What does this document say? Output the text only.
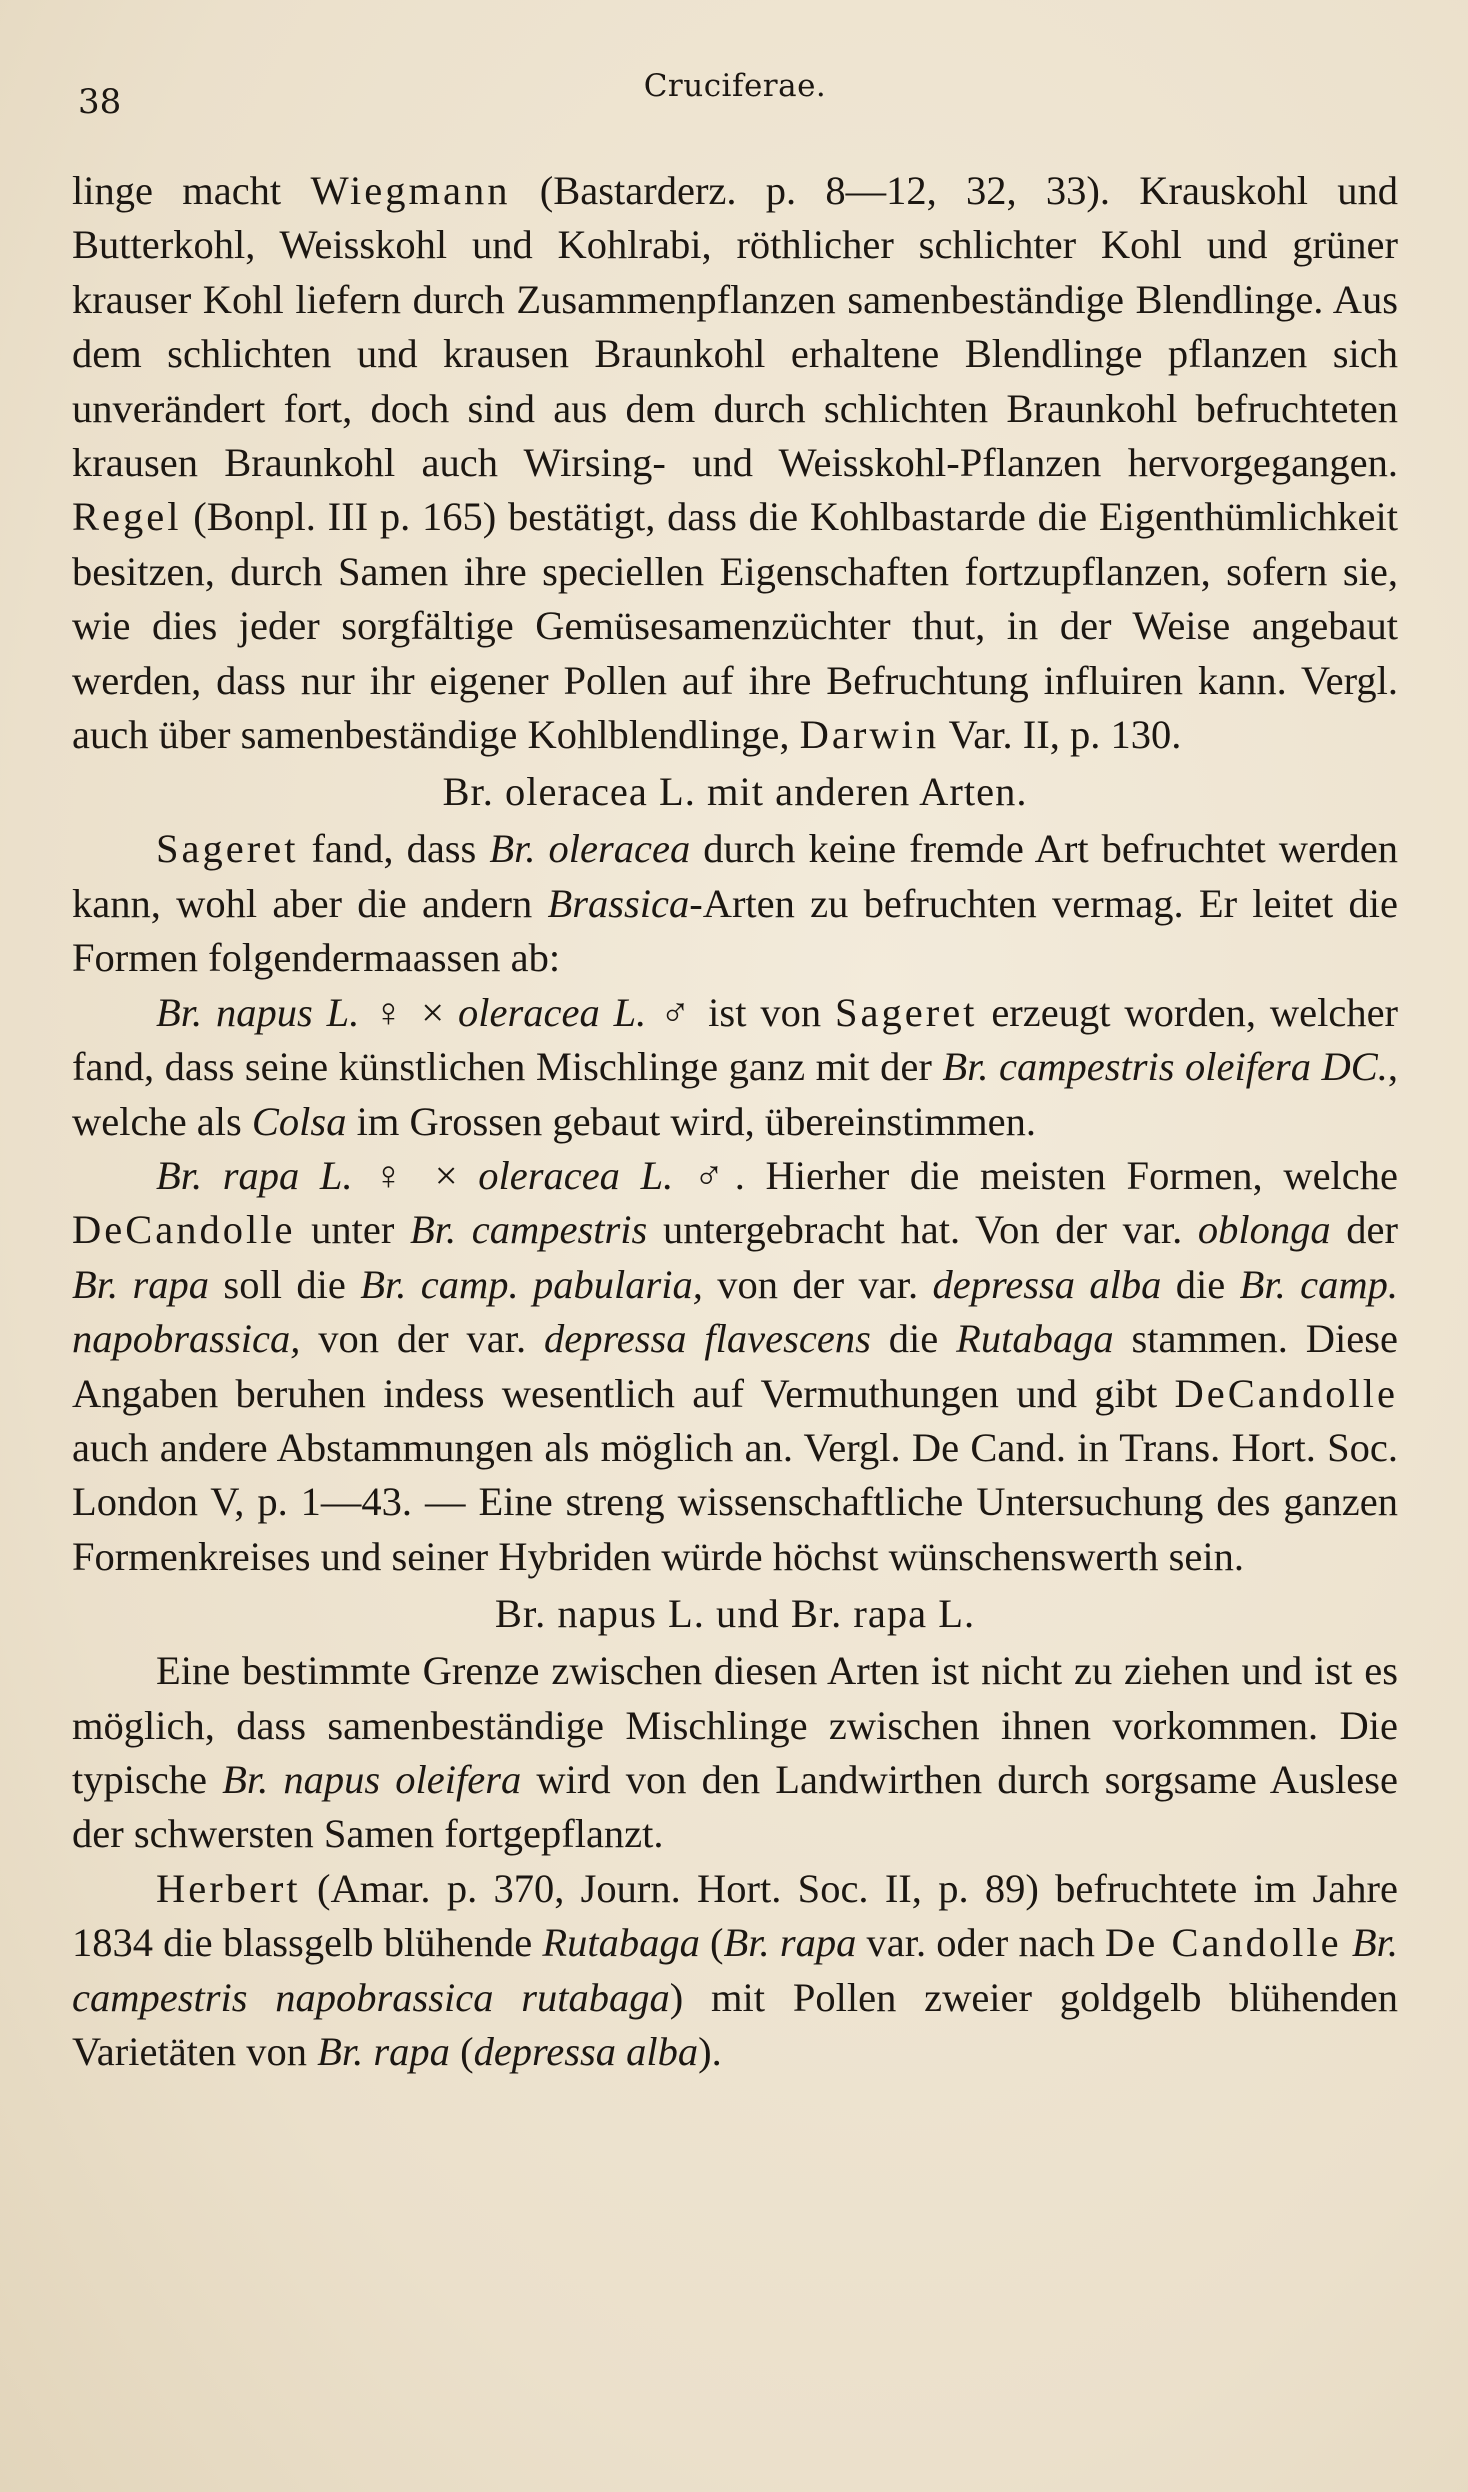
38	Cruciferae.

linge macht Wiegmann (Bastarderz. p. 8—12, 32, 33). Krauskohl und Butterkohl, Weisskohl und Kohlrabi, röthlicher schlichter Kohl und grüner krauser Kohl liefern durch Zusammenpflanzen samenbeständige Blendlinge. Aus dem schlichten und krausen Braunkohl erhaltene Blendlinge pflanzen sich unverändert fort, doch sind aus dem durch schlichten Braunkohl befruchteten krausen Braunkohl auch Wirsing- und Weisskohl-Pflanzen hervorgegangen. Regel (Bonpl. III p. 165) bestätigt, dass die Kohlbastarde die Eigenthümlichkeit besitzen, durch Samen ihre speciellen Eigenschaften fortzupflanzen, sofern sie, wie dies jeder sorgfältige Gemüsesamenzüchter thut, in der Weise angebaut werden, dass nur ihr eigener Pollen auf ihre Befruchtung influiren kann. Vergl. auch über samenbeständige Kohlblendlinge, Darwin Var. II, p. 130.

Br. oleracea L. mit anderen Arten.

Sageret fand, dass Br. oleracea durch keine fremde Art befruchtet werden kann, wohl aber die andern Brassica-Arten zu befruchten vermag. Er leitet die Formen folgendermaassen ab:

Br. napus L. ♀ × oleracea L. ♂ ist von Sageret erzeugt worden, welcher fand, dass seine künstlichen Mischlinge ganz mit der Br. campestris oleifera DC., welche als Colsa im Grossen gebaut wird, übereinstimmen.

Br. rapa L. ♀ × oleracea L. ♂. Hierher die meisten Formen, welche DeCandolle unter Br. campestris untergebracht hat. Von der var. oblonga der Br. rapa soll die Br. camp. pabularia, von der var. depressa alba die Br. camp. napobrassica, von der var. depressa flavescens die Rutabaga stammen. Diese Angaben beruhen indess wesentlich auf Vermuthungen und gibt DeCandolle auch andere Abstammungen als möglich an. Vergl. De Cand. in Trans. Hort. Soc. London V, p. 1—43. — Eine streng wissenschaftliche Untersuchung des ganzen Formenkreises und seiner Hybriden würde höchst wünschenswerth sein.

Br. napus L. und Br. rapa L.

Eine bestimmte Grenze zwischen diesen Arten ist nicht zu ziehen und ist es möglich, dass samenbeständige Mischlinge zwischen ihnen vorkommen. Die typische Br. napus oleifera wird von den Landwirthen durch sorgsame Auslese der schwersten Samen fortgepflanzt.

Herbert (Amar. p. 370, Journ. Hort. Soc. II, p. 89) befruchtete im Jahre 1834 die blassgelb blühende Rutabaga (Br. rapa var. oder nach De Candolle Br. campestris napobrassica rutabaga) mit Pollen zweier goldgelb blühenden Varietäten von Br. rapa (depressa alba).
